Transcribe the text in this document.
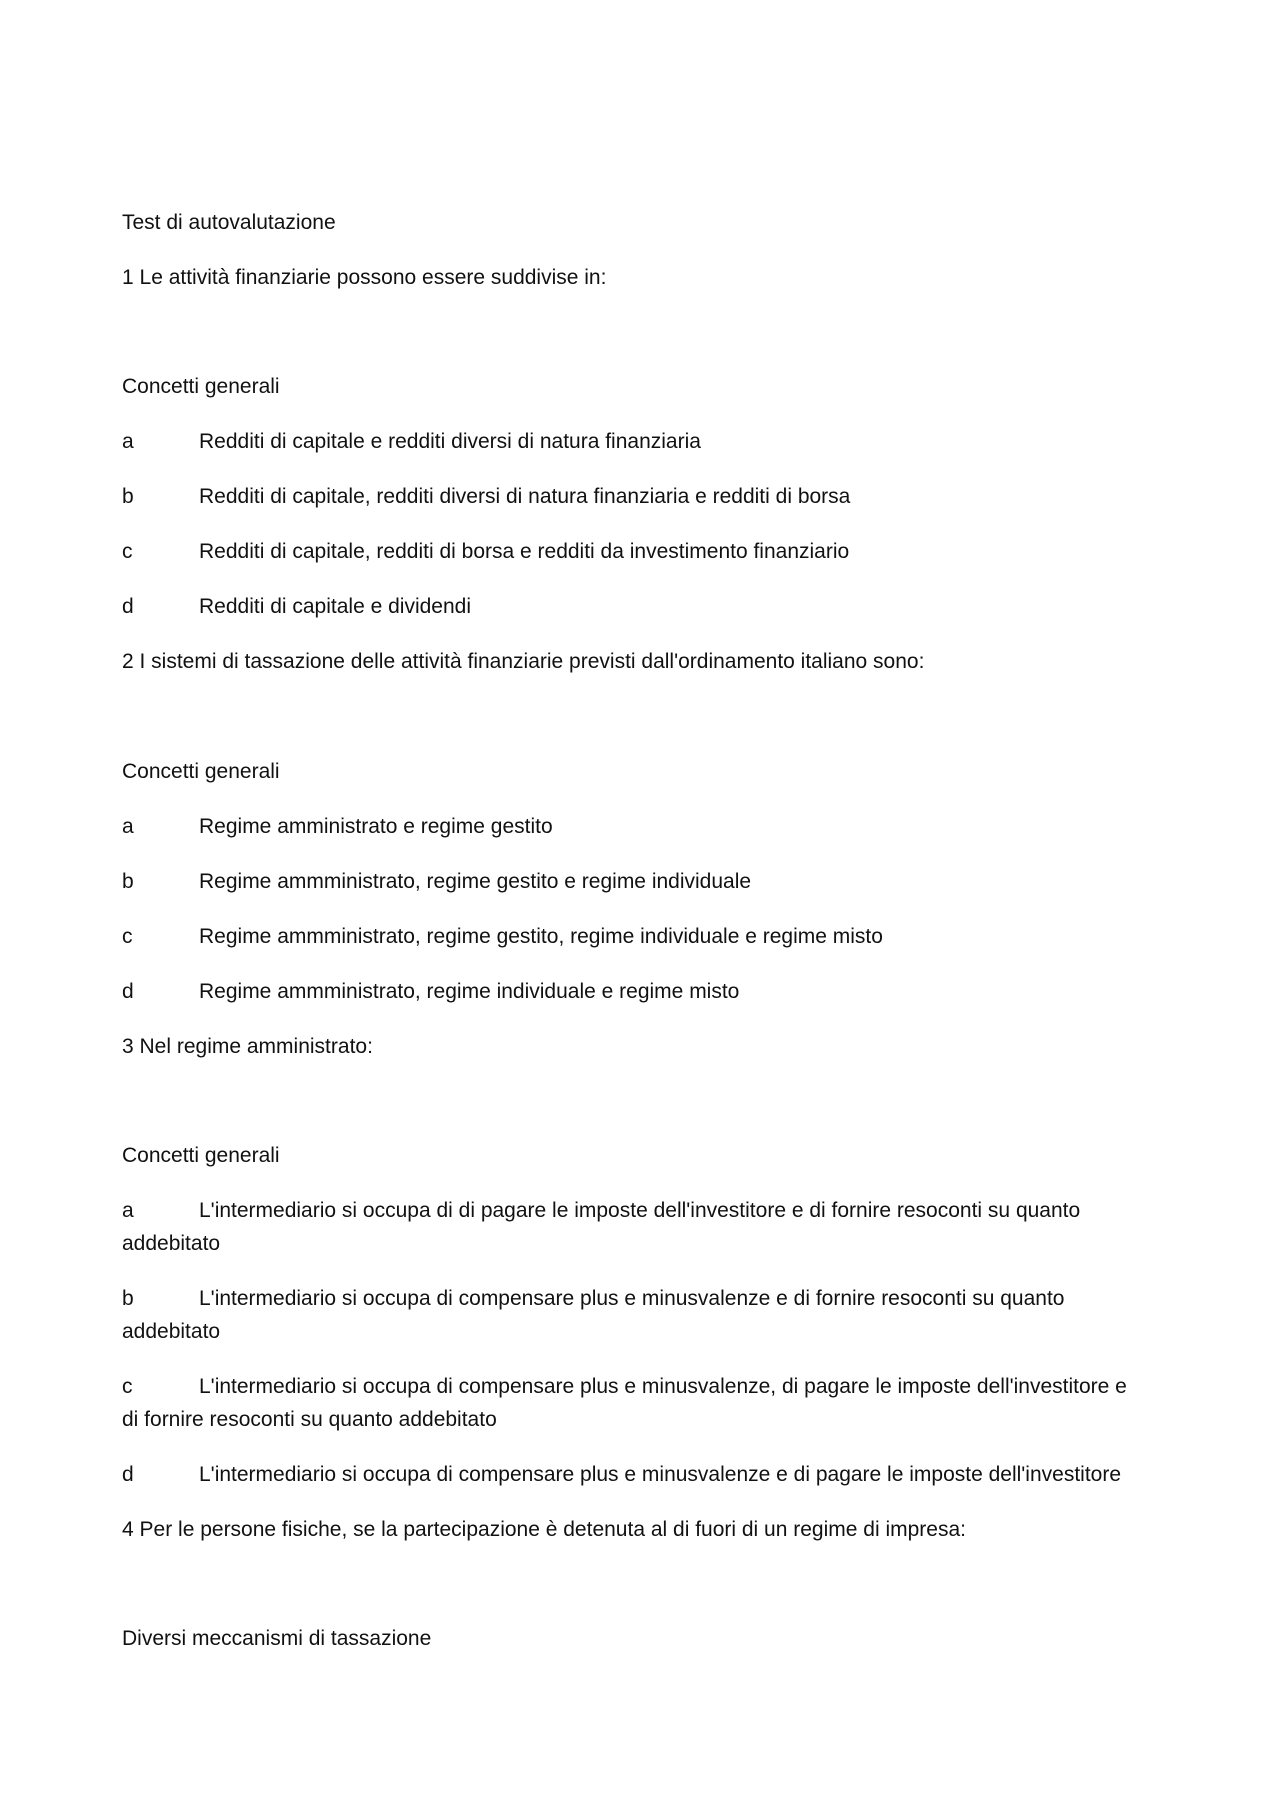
Test di autovalutazione
1 Le attività finanziarie possono essere suddivise in:
Concetti generali
a	Redditi di capitale e redditi diversi di natura finanziaria
b	Redditi di capitale, redditi diversi di natura finanziaria e redditi di borsa
c	Redditi di capitale, redditi di borsa e redditi da investimento finanziario
d	Redditi di capitale e dividendi
2 I sistemi di tassazione delle attività finanziarie previsti dall'ordinamento italiano sono:
Concetti generali
a	Regime amministrato e regime gestito
b	Regime ammministrato, regime gestito e regime individuale
c	Regime ammministrato, regime gestito, regime individuale e regime misto
d	Regime ammministrato, regime individuale e regime misto
3 Nel regime amministrato:
Concetti generali
a	L'intermediario si occupa di di pagare le imposte dell'investitore e di fornire resoconti su quanto
addebitato
b	L'intermediario si occupa di compensare plus e minusvalenze e di fornire resoconti su quanto
addebitato
c	L'intermediario si occupa di compensare plus e minusvalenze, di pagare le imposte dell'investitore e
di fornire resoconti su quanto addebitato
d	L'intermediario si occupa di compensare plus e minusvalenze e di pagare le imposte dell'investitore
4 Per le persone fisiche, se la partecipazione è detenuta al di fuori di un regime di impresa:
Diversi meccanismi di tassazione
